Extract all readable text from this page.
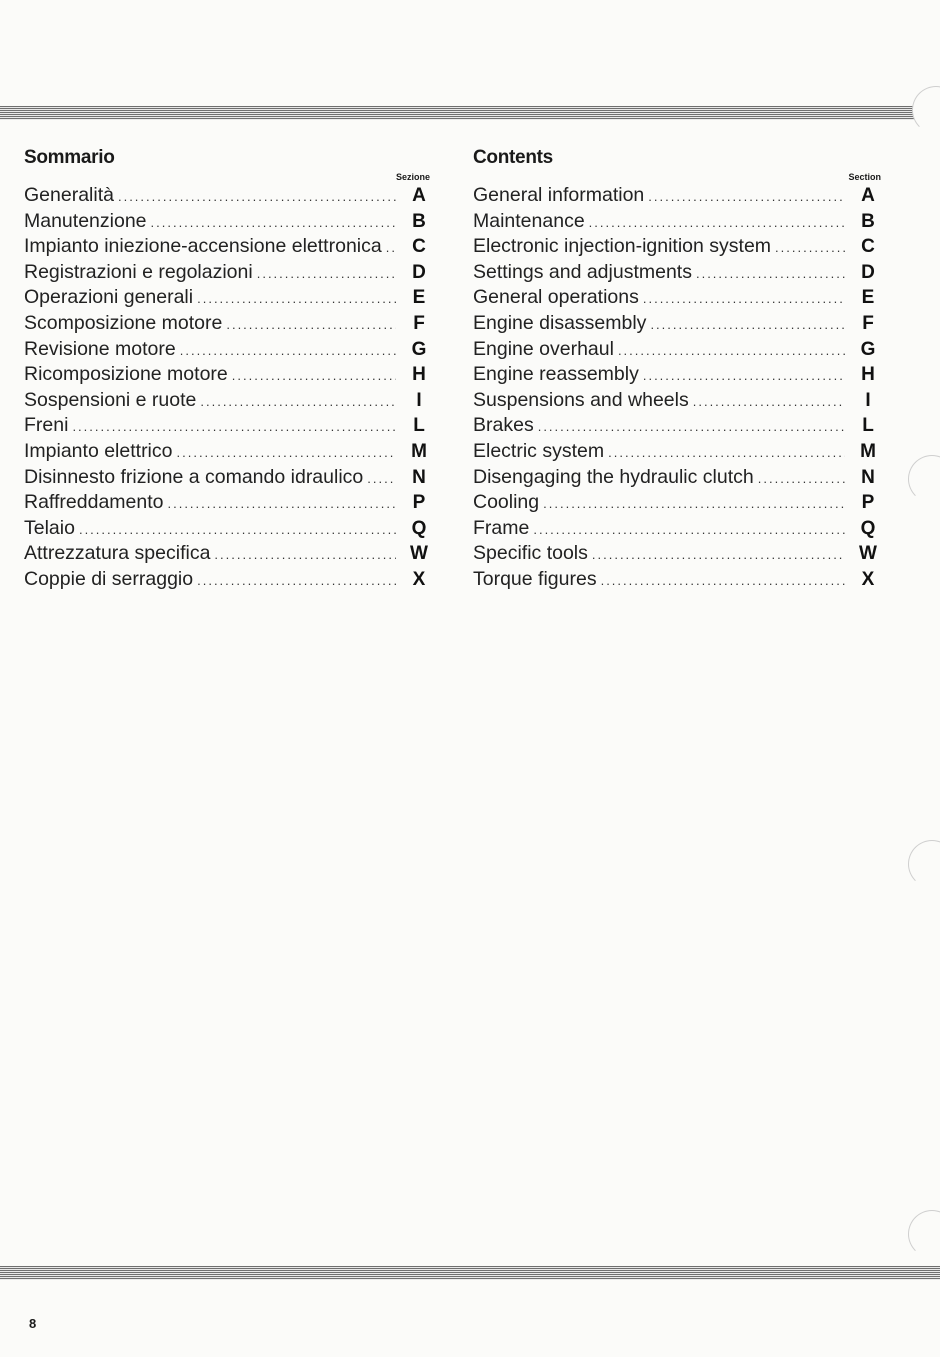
Sommario
Sezione
Generalità .....	A
Manutenzione .....	B
Impianto iniezione-accensione elettronica .....	C
Registrazioni e regolazioni .....	D
Operazioni generali .....	E
Scomposizione motore .....	F
Revisione motore .....	G
Ricomposizione motore .....	H
Sospensioni e ruote .....	I
Freni .....	L
Impianto elettrico .....	M
Disinnesto frizione a comando idraulico .....	N
Raffreddamento .....	P
Telaio .....	Q
Attrezzatura specifica .....	W
Coppie di serraggio .....	X
Contents
Section
General information .....	A
Maintenance .....	B
Electronic injection-ignition system .....	C
Settings and adjustments .....	D
General operations .....	E
Engine disassembly .....	F
Engine overhaul .....	G
Engine reassembly .....	H
Suspensions and wheels .....	I
Brakes .....	L
Electric system .....	M
Disengaging the hydraulic clutch .....	N
Cooling .....	P
Frame .....	Q
Specific tools .....	W
Torque figures .....	X
8
